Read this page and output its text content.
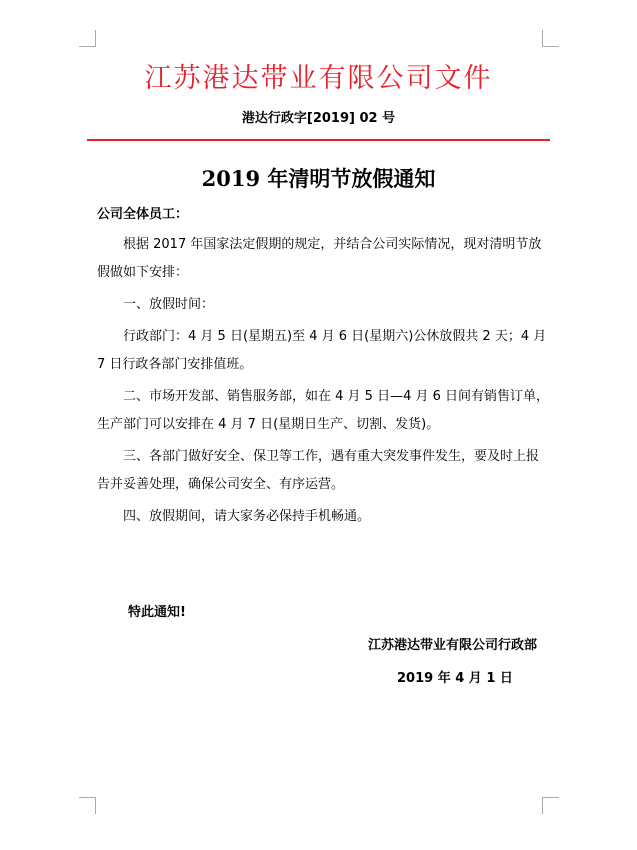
江苏港达带业有限公司文件
港达行政字[2019] 02 号
2019 年清明节放假通知
公司全体员工：

根据 2017 年国家法定假期的规定，并结合公司实际情况，现对清明节放假做如下安排：

一、放假时间：

行政部门：4 月 5 日(星期五)至 4 月 6 日(星期六)公休放假共 2 天；4 月 7 日行政各部门安排值班。

二、市场开发部、销售服务部，如在 4 月 5 日—4 月 6 日间有销售订单，生产部门可以安排在 4 月 7 日(星期日生产、切割、发货)。

三、各部门做好安全、保卫等工作，遇有重大突发事件发生，要及时上报告并妥善处理，确保公司安全、有序运营。

四、放假期间，请大家务必保持手机畅通。

特此通知!
江苏港达带业有限公司行政部
2019 年 4 月 1 日
